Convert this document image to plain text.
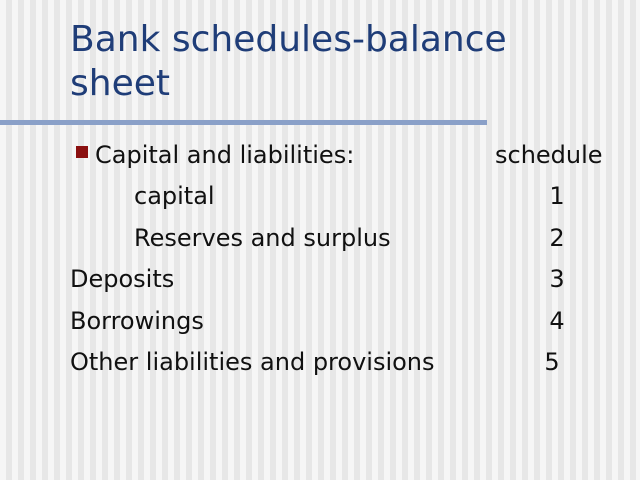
Bank schedules-balance sheet
Capital and liabilities:	schedule
capital	1
Reserves and surplus	2
Deposits	3
Borrowings	4
Other liabilities and provisions	5
